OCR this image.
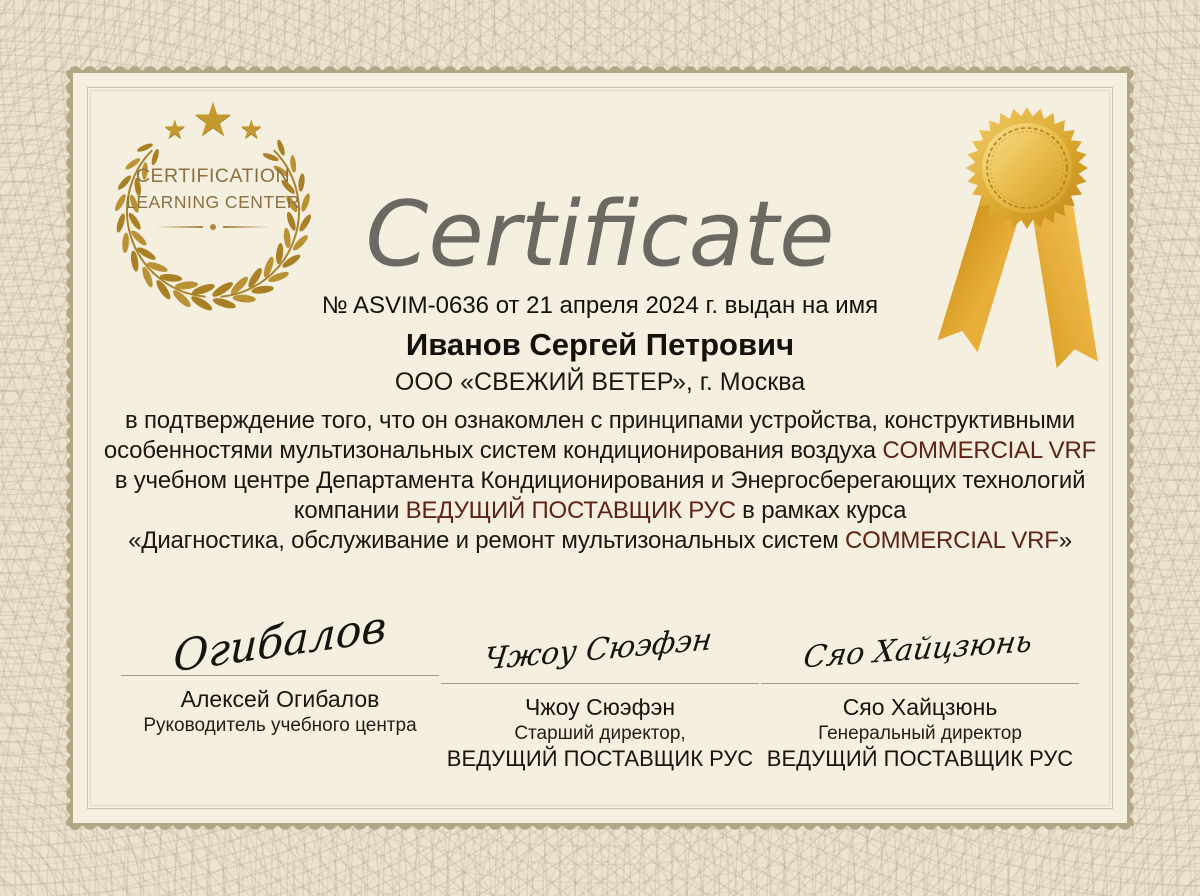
★ ★ ★
CERTIFICATION
LEARNING CENTER Certificate
№ ASVIM-0636 от 21 апреля 2024 г. выдан на имя
Иванов Сергей Петрович
ООО «СВЕЖИЙ ВЕТЕР», г. Москва
в подтверждение того, что он ознакомлен с принципами устройства, конструктивными
особенностями мультизональных систем кондиционирования воздуха COMMERCIAL VRF
в учебном центре Департамента Кондиционирования и Энергосберегающих технологий
компании ВЕДУЩИЙ ПОСТАВЩИК РУС в рамках курса
«Диагностика, обслуживание и ремонт мультизональных систем COMMERCIAL VRF»
Огибалов
Алексей Огибалов
Руководитель учебного центра
Чжоу Сюэфэн
Чжоу Сюэфэн
Старший директор,
ВЕДУЩИЙ ПОСТАВЩИК РУС
Сяо Хайцзюнь
Сяо Хайцзюнь
Генеральный директор
ВЕДУЩИЙ ПОСТАВЩИК РУС
